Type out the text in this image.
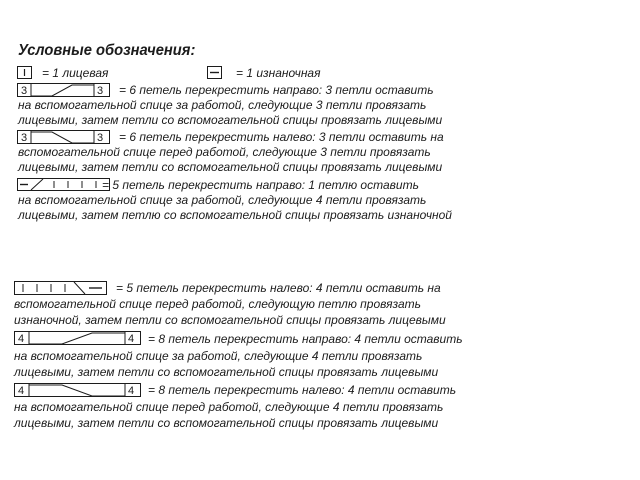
Условные обозначения:
= 1 лицевая	= 1 изнаночная
3	3 = 6 петель перекрестить направо: 3 петли оставить
на вспомогательной спице за работой, следующие 3 петли провязать
лицевыми, затем петли со вспомогательной спицы провязать лицевыми
3	3 = 6 петель перекрестить налево: 3 петли оставить на
вспомогательной спице перед работой, следующие 3 петли провязать
лицевыми, затем петли со вспомогательной спицы провязать лицевыми
= 5 петель перекрестить направо: 1 петлю оставить
на вспомогательной спице за работой, следующие 4 петли провязать
лицевыми, затем петлю со вспомогательной спицы провязать изнаночной
= 5 петель перекрестить налево: 4 петли оставить на
вспомогательной спице перед работой, следующую петлю провязать
изнаночной, затем петли со вспомогательной спицы провязать лицевыми
4	4 = 8 петель перекрестить направо: 4 петли оставить
на вспомогательной спице за работой, следующие 4 петли провязать
лицевыми, затем петли со вспомогательной спицы провязать лицевыми
4	4 = 8 петель перекрестить налево: 4 петли оставить
на вспомогательной спице перед работой, следующие 4 петли провязать
лицевыми, затем петли со вспомогательной спицы провязать лицевыми
